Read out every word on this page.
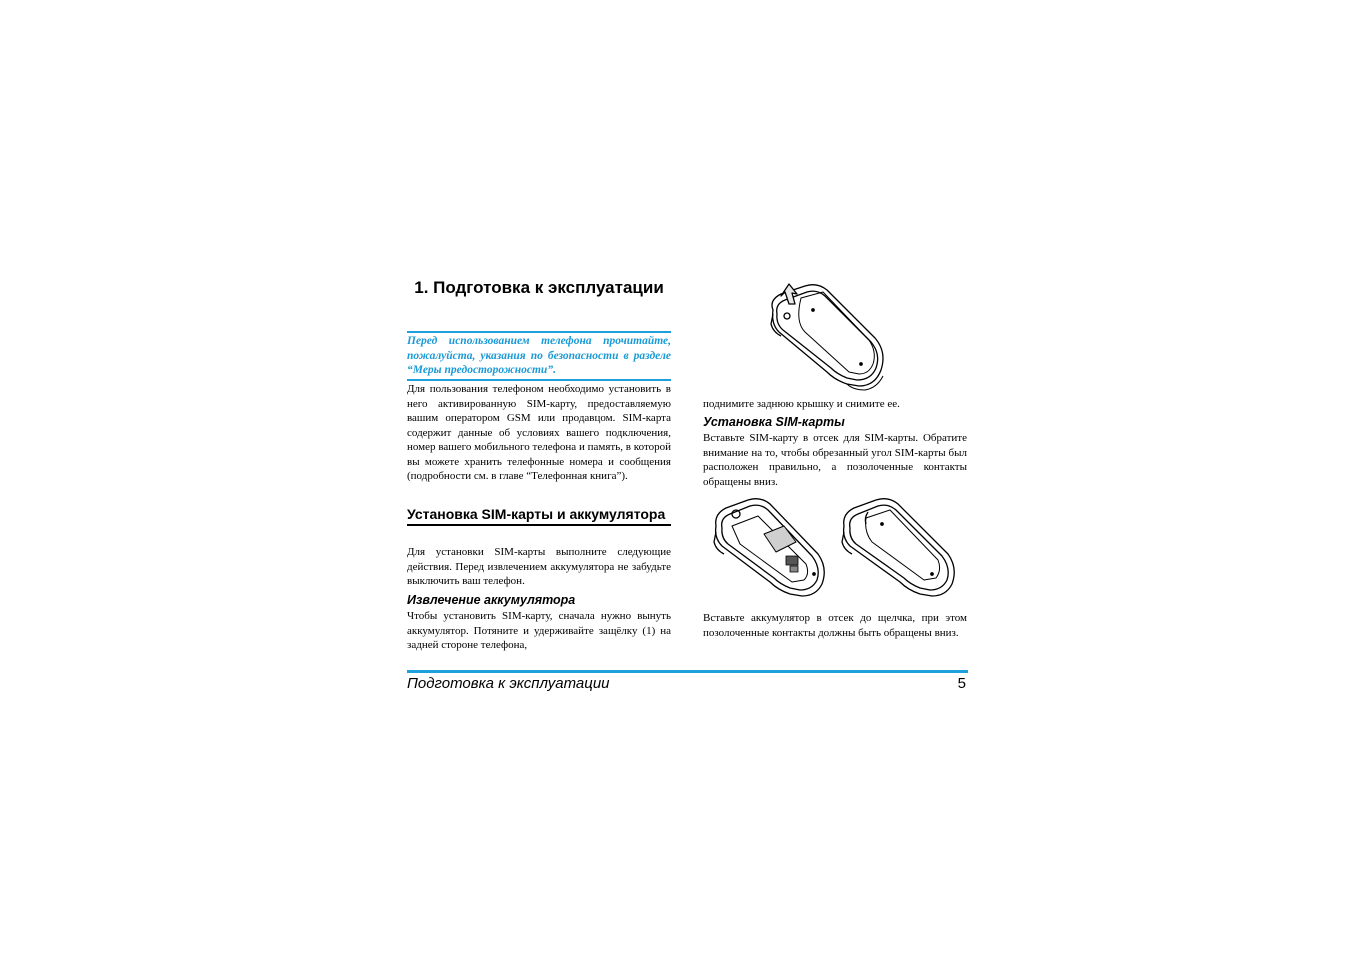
1. Подготовка к эксплуатации
Перед использованием телефона прочитайте, пожалуйста, указания по безопасности в разделе “Меры предосторожности”.

Для пользования телефоном необходимо установить в него активированную SIM-карту, предоставляемую вашим оператором GSM или продавцом. SIM-карта содержит данные об условиях вашего подключения, номер вашего мобильного телефона и память, в которой вы можете хранить телефонные номера и сообщения (подробности см. в главе “Телефонная книга”).

Установка SIM-карты и аккумулятора

Для установки SIM-карты выполните следующие действия. Перед извлечением аккумулятора не забудьте выключить ваш телефон.

Извлечение аккумулятора

Чтобы установить SIM-карту, сначала нужно вынуть аккумулятор. Потяните и удерживайте защёлку (1) на задней стороне телефона,

поднимите заднюю крышку и снимите ее.

Установка SIM-карты

Вставьте SIM-карту в отсек для SIM-карты. Обратите внимание на то, чтобы обрезанный угол SIM-карты был расположен правильно, а позолоченные контакты обращены вниз.

Вставьте аккумулятор в отсек до щелчка, при этом позолоченные контакты должны быть обращены вниз.

Подготовка к эксплуатации	5
